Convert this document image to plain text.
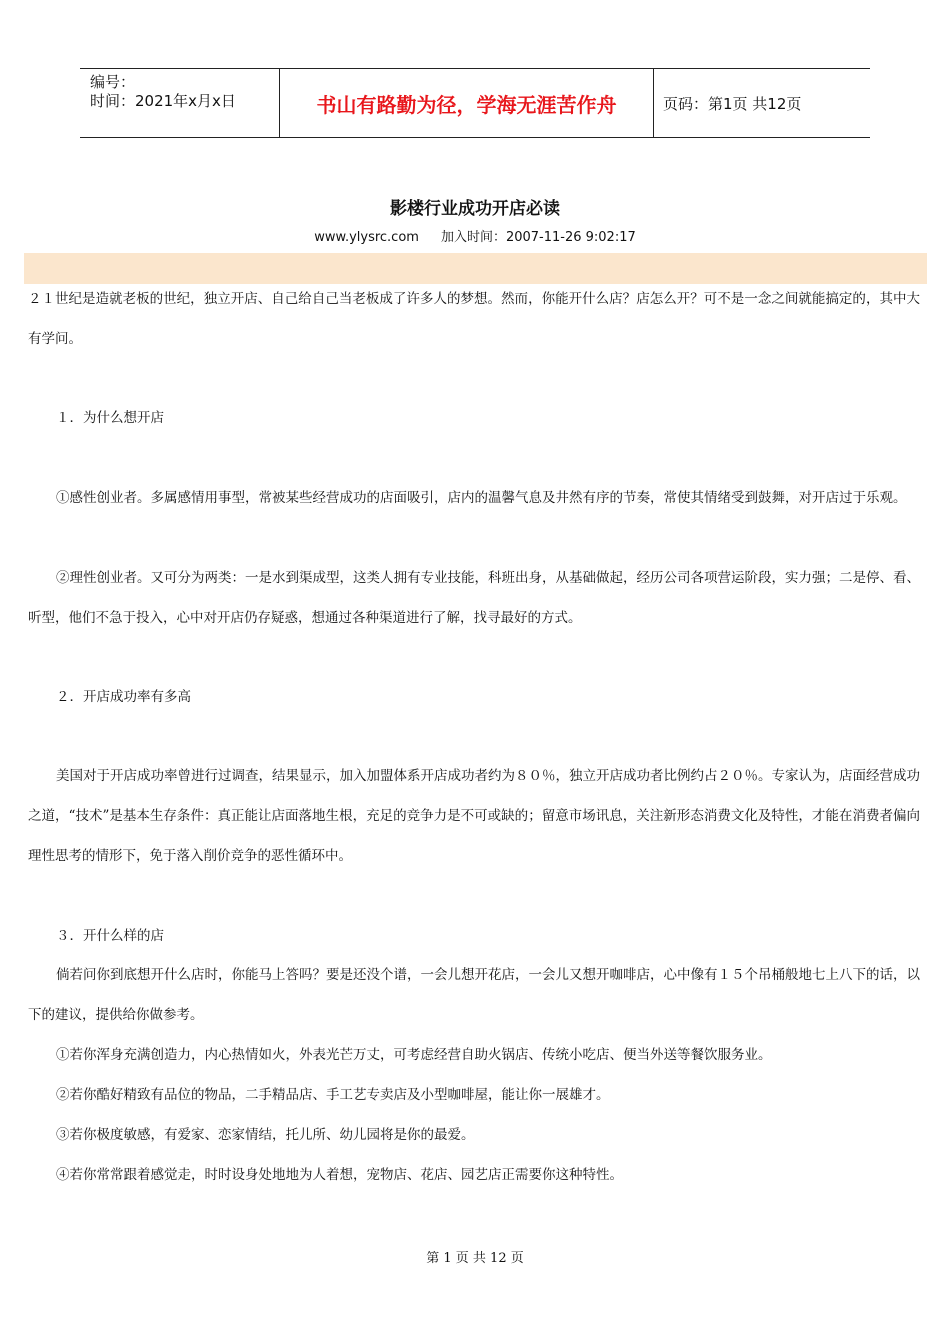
编号：
时间：2021年x月x日	书山有路勤为径，学海无涯苦作舟	页码：第1页 共12页
影楼行业成功开店必读
www.ylysrc.com 加入时间：2007-11-26 9:02:17

２１世纪是造就老板的世纪，独立开店、自己给自己当老板成了许多人的梦想。然而，你能开什么店？店怎么开？可不是一念之间就能搞定的，其中大有学问。

１．为什么想开店

①感性创业者。多属感情用事型，常被某些经营成功的店面吸引，店内的温馨气息及井然有序的节奏，常使其情绪受到鼓舞，对开店过于乐观。

②理性创业者。又可分为两类：一是水到渠成型，这类人拥有专业技能，科班出身，从基础做起，经历公司各项营运阶段，实力强；二是停、看、听型，他们不急于投入，心中对开店仍存疑惑，想通过各种渠道进行了解，找寻最好的方式。

２．开店成功率有多高

美国对于开店成功率曾进行过调查，结果显示，加入加盟体系开店成功者约为８０％，独立开店成功者比例约占２０％。专家认为，店面经营成功之道，“技术”是基本生存条件：真正能让店面落地生根，充足的竞争力是不可或缺的；留意市场讯息，关注新形态消费文化及特性，才能在消费者偏向理性思考的情形下，免于落入削价竞争的恶性循环中。

３．开什么样的店

倘若问你到底想开什么店时，你能马上答吗？要是还没个谱，一会儿想开花店，一会儿又想开咖啡店，心中像有１５个吊桶般地七上八下的话，以下的建议，提供给你做参考。

①若你浑身充满创造力，内心热情如火，外表光芒万丈，可考虑经营自助火锅店、传统小吃店、便当外送等餐饮服务业。

②若你酷好精致有品位的物品，二手精品店、手工艺专卖店及小型咖啡屋，能让你一展雄才。

③若你极度敏感，有爱家、恋家情结，托儿所、幼儿园将是你的最爱。

④若你常常跟着感觉走，时时设身处地地为人着想，宠物店、花店、园艺店正需要你这种特性。

第 1 页 共 12 页
